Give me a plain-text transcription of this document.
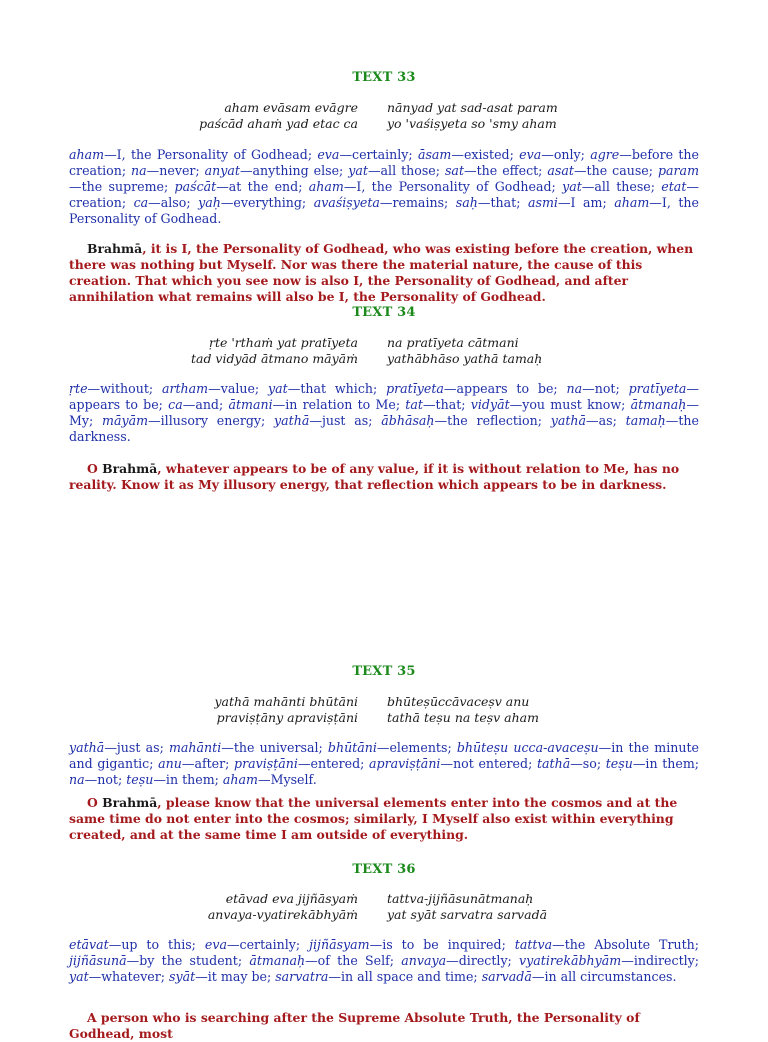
TEXT 33
aham evāsam evāgre
paścād ahaṁ yad etac ca
nānyad yat sad-asat param
yo 'vaśiṣyeta so 'smy aham
aham—I, the Personality of Godhead; eva—certainly; āsam—existed; eva—only; agre—before the creation; na—never; anyat—anything else; yat—all those; sat—the effect; asat—the cause; param—the supreme; paścāt—at the end; aham—I, the Personality of Godhead; yat—all these; etat—creation; ca—also; yaḥ—everything; avaśiṣyeta—remains; saḥ—that; asmi—I am; aham—I, the Personality of Godhead.
Brahmā, it is I, the Personality of Godhead, who was existing before the creation, when there was nothing but Myself. Nor was there the material nature, the cause of this creation. That which you see now is also I, the Personality of Godhead, and after annihilation what remains will also be I, the Personality of Godhead.
TEXT 34
ṛte 'rthaṁ yat pratīyeta
tad vidyād ātmano māyāṁ
na pratīyeta cātmani
yathābhāso yathā tamaḥ
ṛte—without; artham—value; yat—that which; pratīyeta—appears to be; na—not; pratīyeta—appears to be; ca—and; ātmani—in relation to Me; tat—that; vidyāt—you must know; ātmanaḥ—My; māyām—illusory energy; yathā—just as; ābhāsaḥ—the reflection; yathā—as; tamaḥ—the darkness.
O Brahmā, whatever appears to be of any value, if it is without relation to Me, has no reality. Know it as My illusory energy, that reflection which appears to be in darkness.
TEXT 35
yathā mahānti bhūtāni
praviṣṭāny apraviṣṭāni
bhūteṣūccāvaceṣv anu
tathā teṣu na teṣv aham
yathā—just as; mahānti—the universal; bhūtāni—elements; bhūteṣu ucca-avaceṣu—in the minute and gigantic; anu—after; praviṣṭāni—entered; apraviṣṭāni—not entered; tathā—so; teṣu—in them; na—not; teṣu—in them; aham—Myself.
O Brahmā, please know that the universal elements enter into the cosmos and at the same time do not enter into the cosmos; similarly, I Myself also exist within everything created, and at the same time I am outside of everything.
TEXT 36
etāvad eva jijñāsyaṁ
anvaya-vyatirekābhyāṁ
tattva-jijñāsunātmanaḥ
yat syāt sarvatra sarvadā
etāvat—up to this; eva—certainly; jijñāsyam—is to be inquired; tattva—the Absolute Truth; jijñāsunā—by the student; ātmanaḥ—of the Self; anvaya—directly; vyatirekābhyām—indirectly; yat—whatever; syāt—it may be; sarvatra—in all space and time; sarvadā—in all circumstances.
A person who is searching after the Supreme Absolute Truth, the Personality of Godhead, most
